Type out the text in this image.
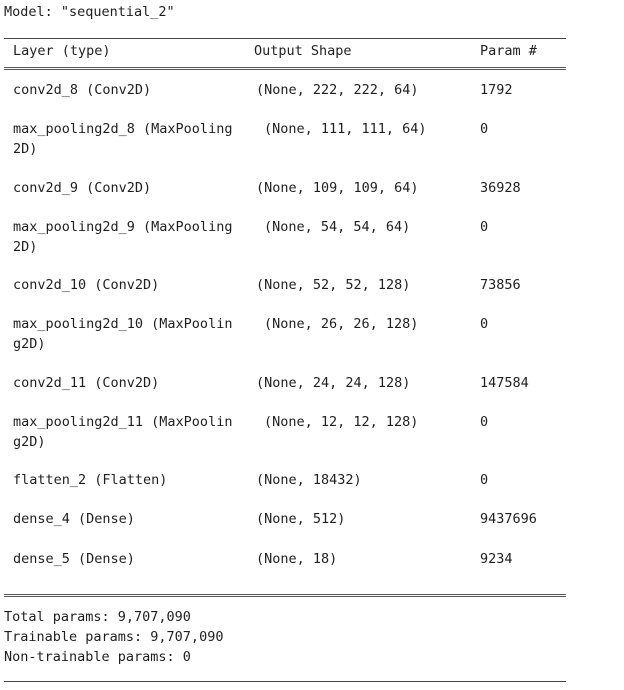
Model: "sequential_2"
Layer (type)	Output Shape	Param #
conv2d_8 (Conv2D)	(None, 222, 222, 64)	1792
max_pooling2d_8 (MaxPooling
2D)
(None, 111, 111, 64)	0
conv2d_9 (Conv2D)	(None, 109, 109, 64)	36928
max_pooling2d_9 (MaxPooling
2D)
(None, 54, 54, 64)	0
conv2d_10 (Conv2D)	(None, 52, 52, 128)	73856
max_pooling2d_10 (MaxPoolin
g2D)
(None, 26, 26, 128)	0
conv2d_11 (Conv2D)	(None, 24, 24, 128)	147584
max_pooling2d_11 (MaxPoolin
g2D)
(None, 12, 12, 128)	0
flatten_2 (Flatten)	(None, 18432)	0
dense_4 (Dense)	(None, 512)	9437696
dense_5 (Dense)	(None, 18)	9234
Total params: 9,707,090
Trainable params: 9,707,090
Non-trainable params: 0
